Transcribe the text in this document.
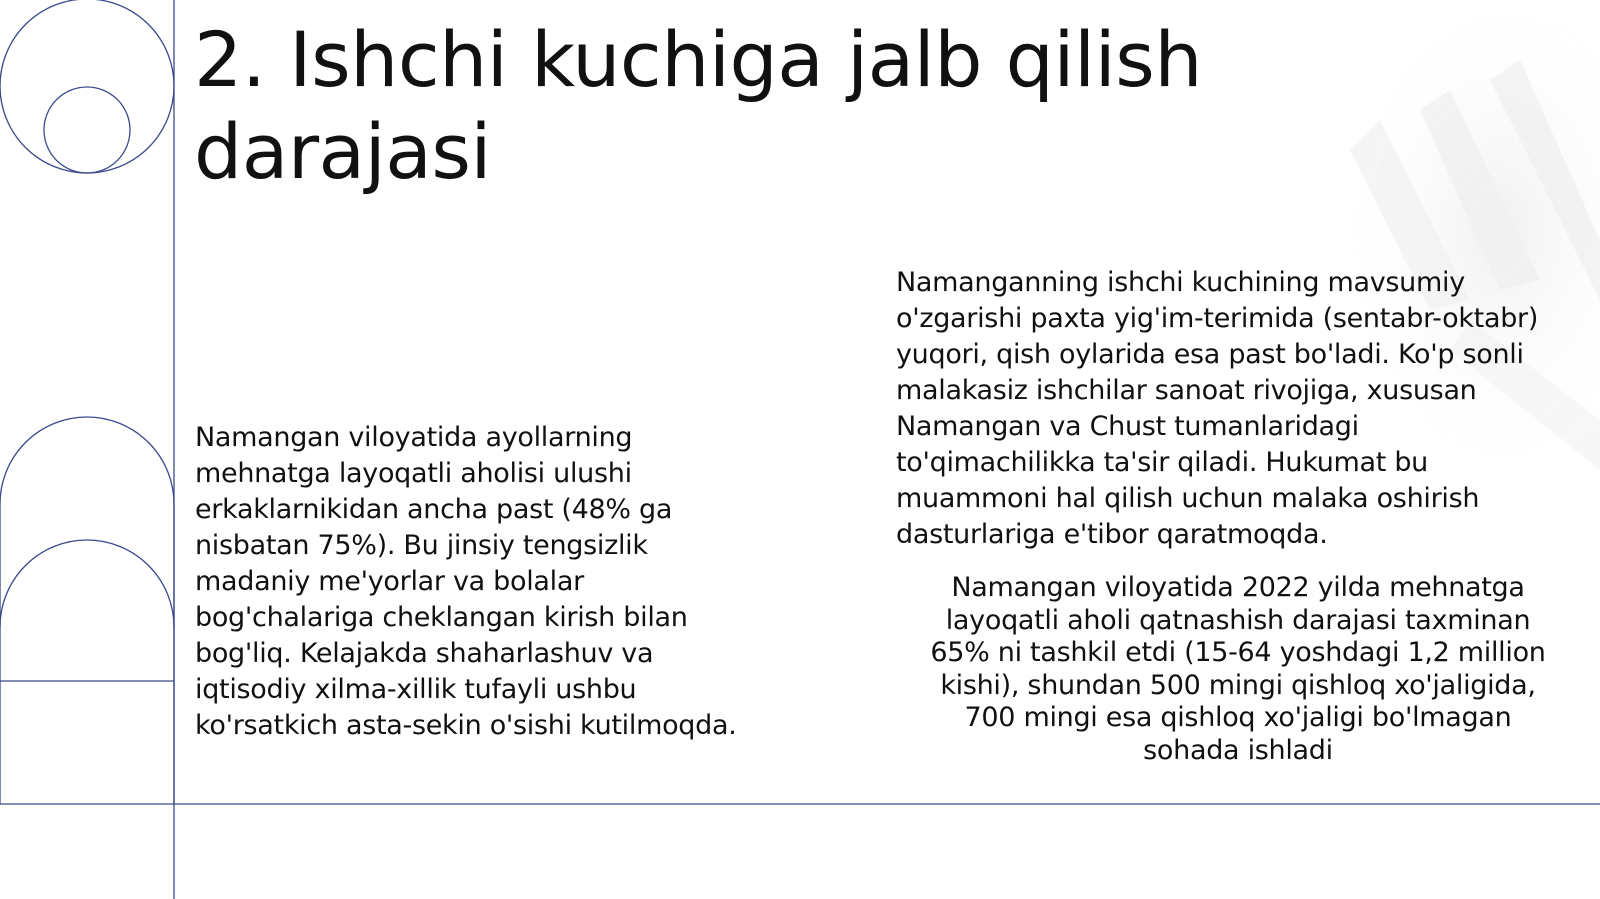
2. Ishchi kuchiga jalb qilish
darajasi

Namangan viloyatida ayollarning
mehnatga layoqatli aholisi ulushi
erkaklarnikidan ancha past (48% ga
nisbatan 75%). Bu jinsiy tengsizlik
madaniy me'yorlar va bolalar
bog'chalariga cheklangan kirish bilan
bog'liq. Kelajakda shaharlashuv va
iqtisodiy xilma-xillik tufayli ushbu
ko'rsatkich asta-sekin o'sishi kutilmoqda.

Namanganning ishchi kuchining mavsumiy
o'zgarishi paxta yig'im-terimida (sentabr-oktabr)
yuqori, qish oylarida esa past bo'ladi. Ko'p sonli
malakasiz ishchilar sanoat rivojiga, xususan
Namangan va Chust tumanlaridagi
to'qimachilikka ta'sir qiladi. Hukumat bu
muammoni hal qilish uchun malaka oshirish
dasturlariga e'tibor qaratmoqda.

Namangan viloyatida 2022 yilda mehnatga
layoqatli aholi qatnashish darajasi taxminan
65% ni tashkil etdi (15-64 yoshdagi 1,2 million
kishi), shundan 500 mingi qishloq xo'jaligida,
700 mingi esa qishloq xo'jaligi bo'lmagan
sohada ishladi
